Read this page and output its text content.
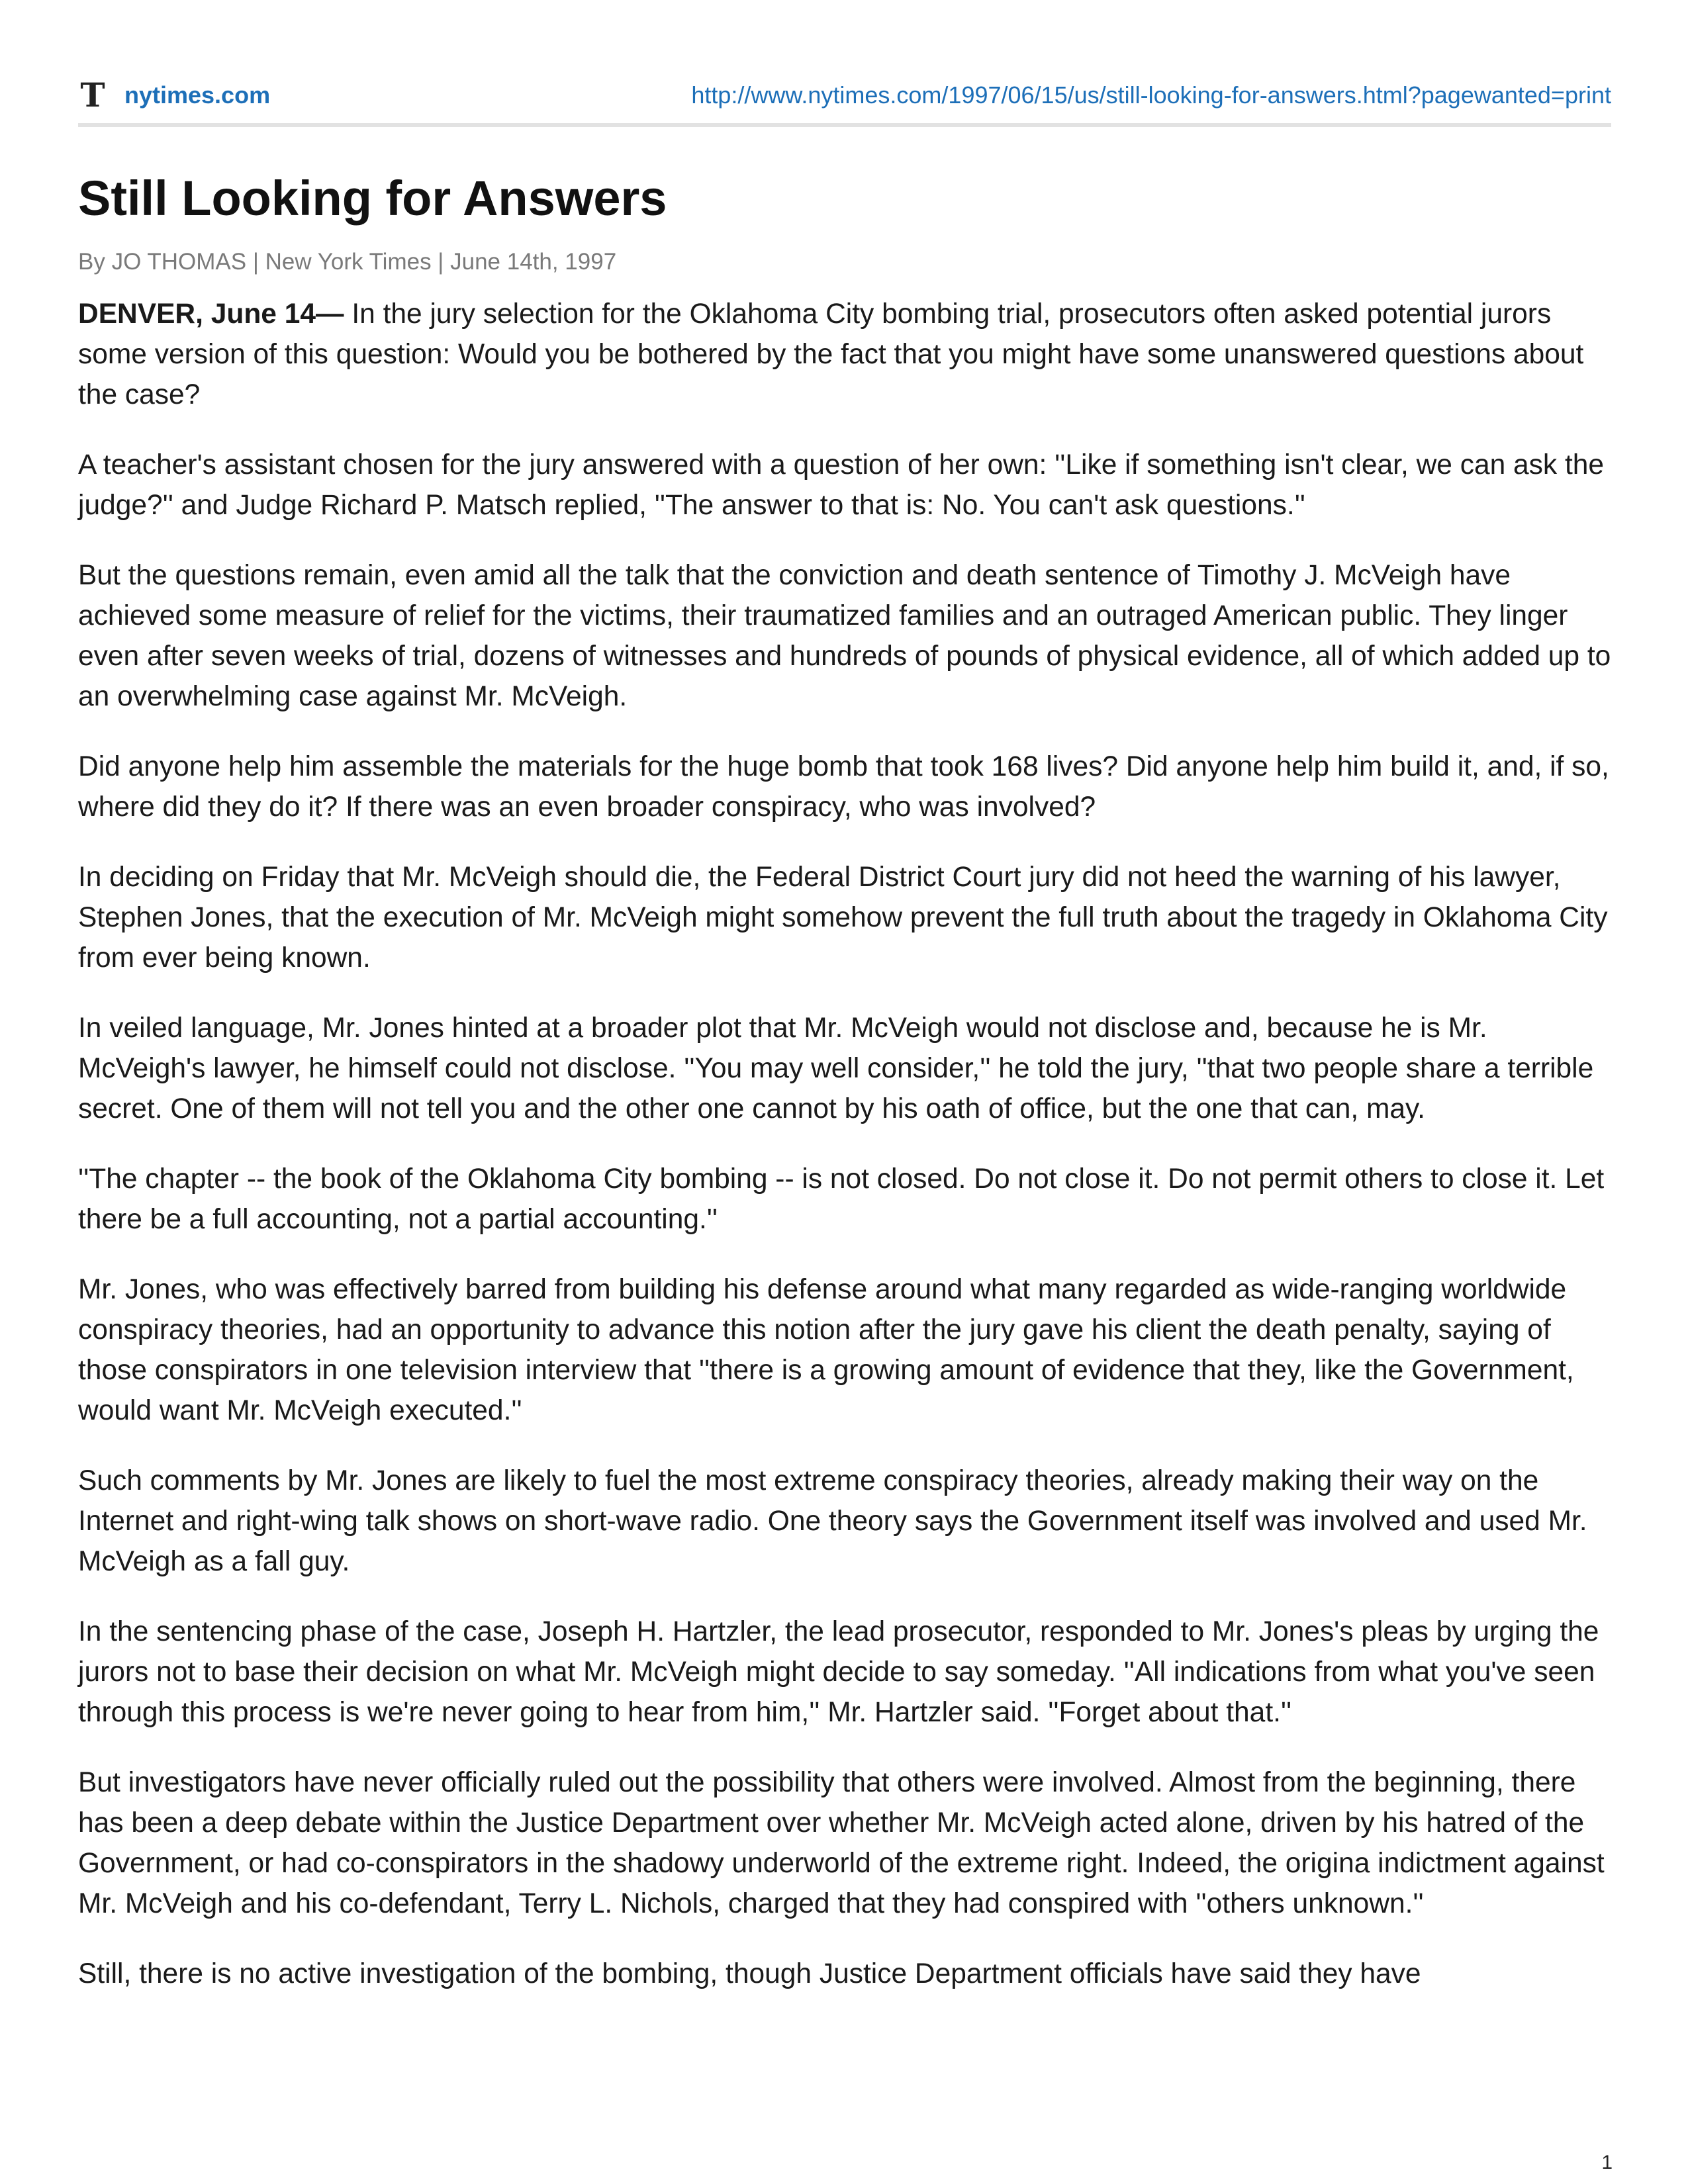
T nytimes.com	http://www.nytimes.com/1997/06/15/us/still-looking-for-answers.html?pagewanted=print
Still Looking for Answers
By JO THOMAS | New York Times | June 14th, 1997

DENVER, June 14— In the jury selection for the Oklahoma City bombing trial, prosecutors often asked potential jurors some version of this question: Would you be bothered by the fact that you might have some unanswered questions about the case?

A teacher's assistant chosen for the jury answered with a question of her own: ''Like if something isn't clear, we can ask the judge?'' and Judge Richard P. Matsch replied, ''The answer to that is: No. You can't ask questions.''

But the questions remain, even amid all the talk that the conviction and death sentence of Timothy J. McVeigh have achieved some measure of relief for the victims, their traumatized families and an outraged American public. They linger even after seven weeks of trial, dozens of witnesses and hundreds of pounds of physical evidence, all of which added up to an overwhelming case against Mr. McVeigh.

Did anyone help him assemble the materials for the huge bomb that took 168 lives? Did anyone help him build it, and, if so, where did they do it? If there was an even broader conspiracy, who was involved?

In deciding on Friday that Mr. McVeigh should die, the Federal District Court jury did not heed the warning of his lawyer, Stephen Jones, that the execution of Mr. McVeigh might somehow prevent the full truth about the tragedy in Oklahoma City from ever being known.

In veiled language, Mr. Jones hinted at a broader plot that Mr. McVeigh would not disclose and, because he is Mr. McVeigh's lawyer, he himself could not disclose. ''You may well consider,'' he told the jury, ''that two people share a terrible secret. One of them will not tell you and the other one cannot by his oath of office, but the one that can, may.

''The chapter -- the book of the Oklahoma City bombing -- is not closed. Do not close it. Do not permit others to close it. Let there be a full accounting, not a partial accounting.''

Mr. Jones, who was effectively barred from building his defense around what many regarded as wide-ranging worldwide conspiracy theories, had an opportunity to advance this notion after the jury gave his client the death penalty, saying of those conspirators in one television interview that ''there is a growing amount of evidence that they, like the Government, would want Mr. McVeigh executed.''

Such comments by Mr. Jones are likely to fuel the most extreme conspiracy theories, already making their way on the Internet and right-wing talk shows on short-wave radio. One theory says the Government itself was involved and used Mr. McVeigh as a fall guy.

In the sentencing phase of the case, Joseph H. Hartzler, the lead prosecutor, responded to Mr. Jones's pleas by urging the jurors not to base their decision on what Mr. McVeigh might decide to say someday. ''All indications from what you've seen through this process is we're never going to hear from him,'' Mr. Hartzler said. ''Forget about that.''

But investigators have never officially ruled out the possibility that others were involved. Almost from the beginning, there has been a deep debate within the Justice Department over whether Mr. McVeigh acted alone, driven by his hatred of the Government, or had co-conspirators in the shadowy underworld of the extreme right. Indeed, the origina indictment against Mr. McVeigh and his co-defendant, Terry L. Nichols, charged that they had conspired with ''others unknown.''

Still, there is no active investigation of the bombing, though Justice Department officials have said they have

1
